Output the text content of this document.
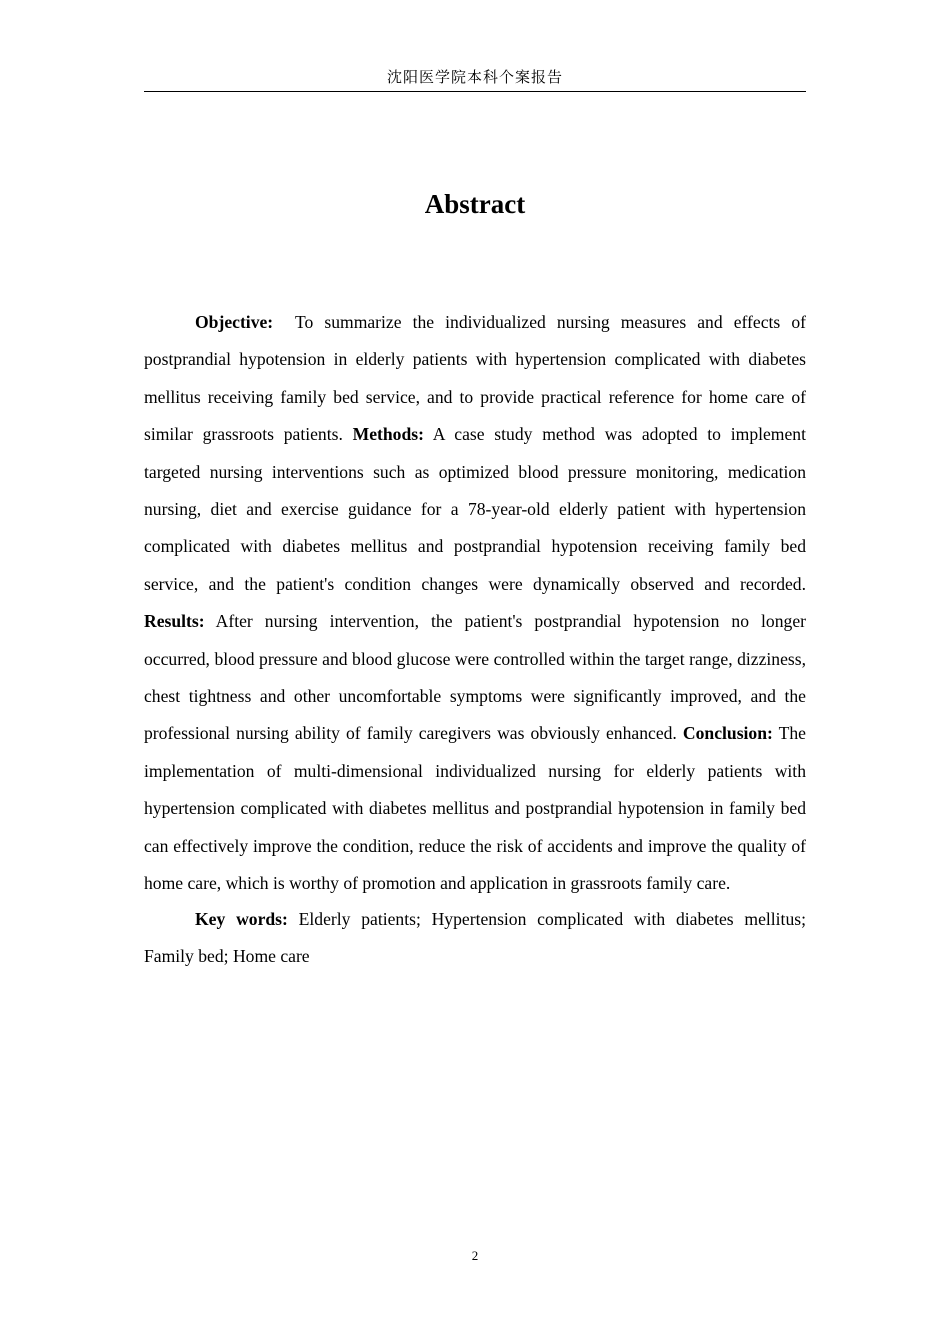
沈阳医学院本科个案报告
Abstract

Objective: To summarize the individualized nursing measures and effects of postprandial hypotension in elderly patients with hypertension complicated with diabetes mellitus receiving family bed service, and to provide practical reference for home care of similar grassroots patients. Methods: A case study method was adopted to implement targeted nursing interventions such as optimized blood pressure monitoring, medication nursing, diet and exercise guidance for a 78-year-old elderly patient with hypertension complicated with diabetes mellitus and postprandial hypotension receiving family bed service, and the patient's condition changes were dynamically observed and recorded. Results: After nursing intervention, the patient's postprandial hypotension no longer occurred, blood pressure and blood glucose were controlled within the target range, dizziness, chest tightness and other uncomfortable symptoms were significantly improved, and the professional nursing ability of family caregivers was obviously enhanced. Conclusion: The implementation of multi-dimensional individualized nursing for elderly patients with hypertension complicated with diabetes mellitus and postprandial hypotension in family bed can effectively improve the condition, reduce the risk of accidents and improve the quality of home care, which is worthy of promotion and application in grassroots family care.

Key words: Elderly patients; Hypertension complicated with diabetes mellitus; Family bed; Home care

2
